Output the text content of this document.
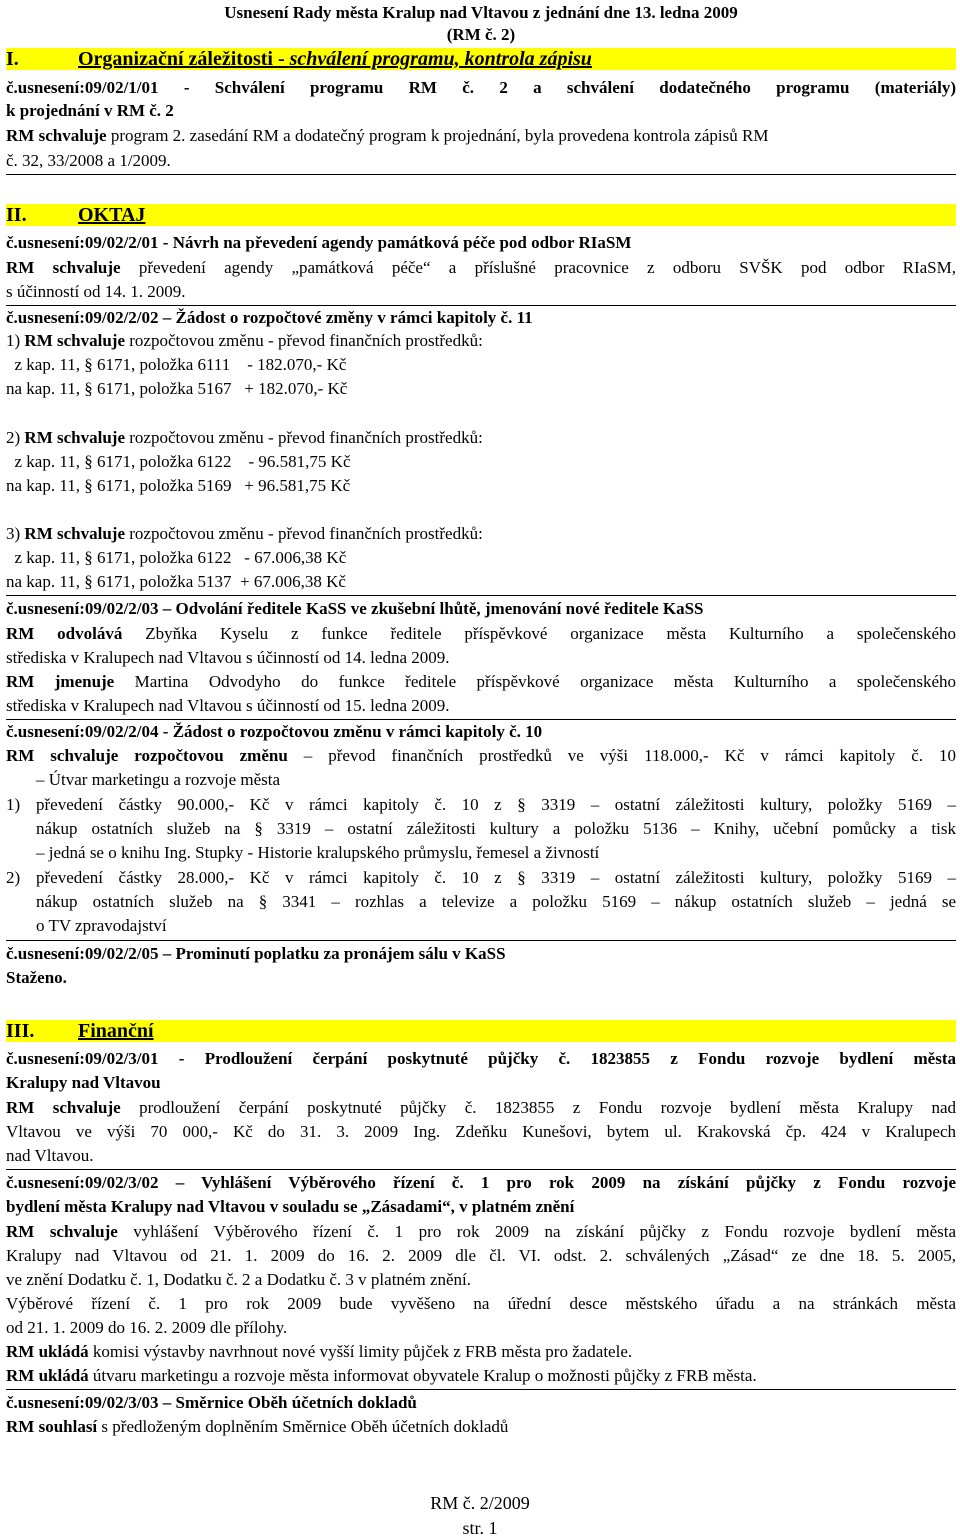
Usnesení Rady města Kralup nad Vltavou z jednání dne 13. ledna 2009
(RM č. 2)
I.	Organizační záležitosti - schválení programu, kontrola zápisu
č.usnesení:09/02/1/01 - Schválení programu RM č. 2 a schválení dodatečného programu (materiály)
k projednání v RM č. 2
RM schvaluje program 2. zasedání RM a dodatečný program k projednání, byla provedena kontrola zápisů RM
č. 32, 33/2008 a 1/2009.
II.	OKTAJ
č.usnesení:09/02/2/01 - Návrh na převedení agendy památková péče pod odbor RIaSM
RM schvaluje převedení agendy „památková péče“ a příslušné pracovnice z odboru SVŠK pod odbor RIaSM,
s účinností od 14. 1. 2009.
č.usnesení:09/02/2/02 – Žádost o rozpočtové změny v rámci kapitoly č. 11
1) RM schvaluje rozpočtovou změnu - převod finančních prostředků:
z kap. 11, § 6171, položka 6111    - 182.070,- Kč
na kap. 11, § 6171, položka 5167   + 182.070,- Kč
2) RM schvaluje rozpočtovou změnu - převod finančních prostředků:
z kap. 11, § 6171, položka 6122    - 96.581,75 Kč
na kap. 11, § 6171, položka 5169   + 96.581,75 Kč
3) RM schvaluje rozpočtovou změnu - převod finančních prostředků:
z kap. 11, § 6171, položka 6122   - 67.006,38 Kč
na kap. 11, § 6171, položka 5137  + 67.006,38 Kč
č.usnesení:09/02/2/03 – Odvolání ředitele KaSS ve zkušební lhůtě, jmenování nové ředitele KaSS
RM odvolává Zbyňka Kyselu z funkce ředitele příspěvkové organizace města Kulturního a společenského
střediska v Kralupech nad Vltavou s účinností od 14. ledna 2009.
RM jmenuje Martina Odvodyho do funkce ředitele příspěvkové organizace města Kulturního a společenského
střediska v Kralupech nad Vltavou s účinností od 15. ledna 2009.
č.usnesení:09/02/2/04 - Žádost o rozpočtovou změnu v rámci kapitoly č. 10
RM schvaluje rozpočtovou změnu – převod finančních prostředků ve výši 118.000,- Kč v rámci kapitoly č. 10
– Útvar marketingu a rozvoje města
1) převedení částky 90.000,- Kč v rámci kapitoly č. 10 z § 3319 – ostatní záležitosti kultury, položky 5169 –
nákup ostatních služeb na § 3319 – ostatní záležitosti kultury a položku 5136 – Knihy, učební pomůcky a tisk
– jedná se o knihu Ing. Stupky - Historie kralupského průmyslu, řemesel a živností
2) převedení částky 28.000,- Kč v rámci kapitoly č. 10 z § 3319 – ostatní záležitosti kultury, položky 5169 –
nákup ostatních služeb na § 3341 – rozhlas a televize a položku 5169 – nákup ostatních služeb – jedná se
o TV zpravodajství
č.usnesení:09/02/2/05 – Prominutí poplatku za pronájem sálu v KaSS
Staženo.
III. Finanční
č.usnesení:09/02/3/01 - Prodloužení čerpání poskytnuté půjčky č. 1823855 z Fondu rozvoje bydlení města
Kralupy nad Vltavou
RM schvaluje prodloužení čerpání poskytnuté půjčky č. 1823855 z Fondu rozvoje bydlení města Kralupy nad
Vltavou ve výši 70 000,- Kč do 31. 3. 2009 Ing. Zdeňku Kunešovi, bytem ul. Krakovská čp. 424 v Kralupech
nad Vltavou.
č.usnesení:09/02/3/02 – Vyhlášení Výběrového řízení č. 1 pro rok 2009 na získání půjčky z Fondu rozvoje
bydlení města Kralupy nad Vltavou v souladu se „Zásadami“, v platném znění
RM schvaluje vyhlášení Výběrového řízení č. 1 pro rok 2009 na získání půjčky z Fondu rozvoje bydlení města
Kralupy nad Vltavou od 21. 1. 2009 do 16. 2. 2009 dle čl. VI. odst. 2. schválených „Zásad“ ze dne 18. 5. 2005,
ve znění Dodatku č. 1, Dodatku č. 2 a Dodatku č. 3 v platném znění.
Výběrové řízení č. 1 pro rok 2009 bude vyvěšeno na úřední desce městského úřadu a na stránkách města
od 21. 1. 2009 do 16. 2. 2009 dle přílohy.
RM ukládá komisi výstavby navrhnout nové vyšší limity půjček z FRB města pro žadatele.
RM ukládá útvaru marketingu a rozvoje města informovat obyvatele Kralup o možnosti půjčky z FRB města.
č.usnesení:09/02/3/03 – Směrnice Oběh účetních dokladů
RM souhlasí s předloženým doplněním Směrnice Oběh účetních dokladů
RM č. 2/2009
str. 1
